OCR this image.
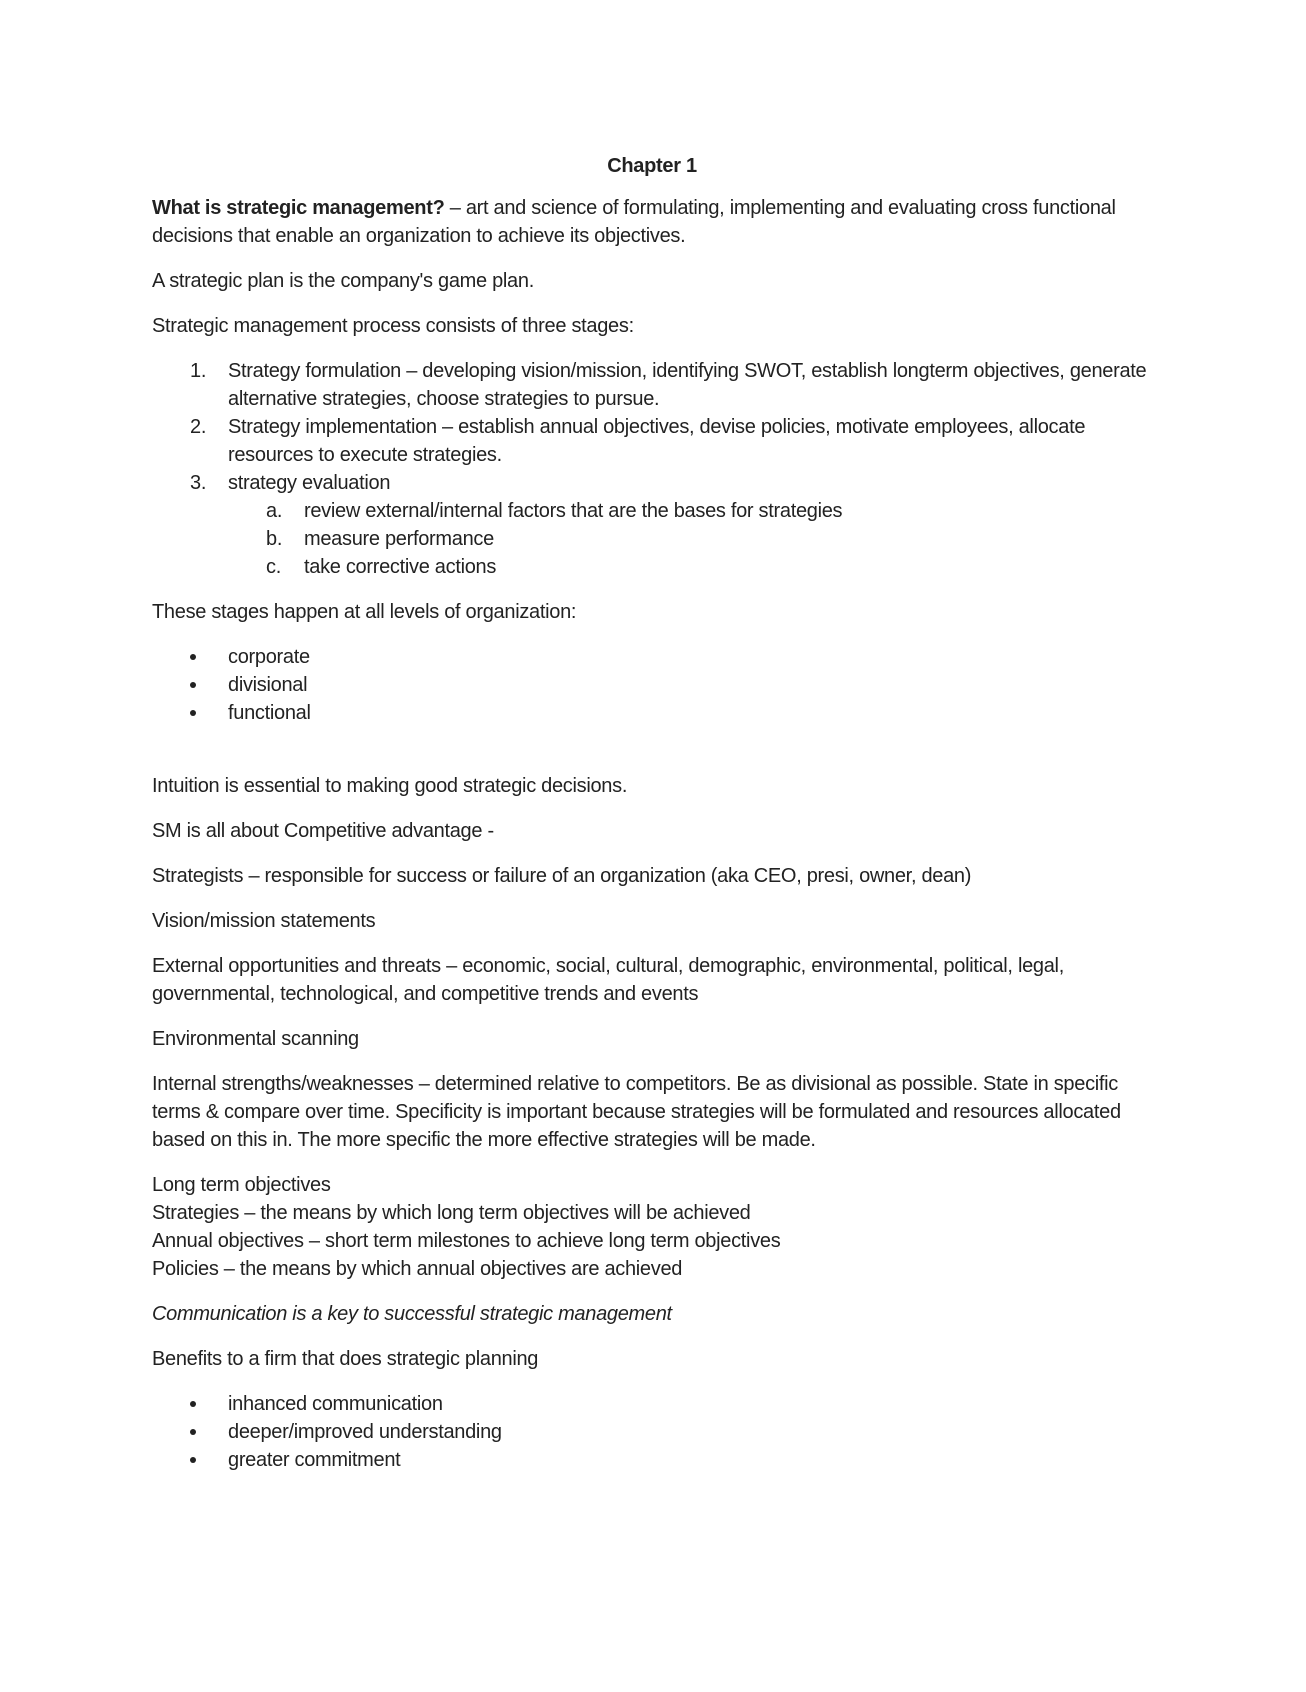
Chapter 1

What is strategic management? – art and science of formulating, implementing and evaluating cross functional decisions that enable an organization to achieve its objectives.

A strategic plan is the company's game plan.

Strategic management process consists of three stages:

1. Strategy formulation – developing vision/mission, identifying SWOT, establish longterm objectives, generate alternative strategies, choose strategies to pursue.
2. Strategy implementation – establish annual objectives, devise policies, motivate employees, allocate resources to execute strategies.
3. strategy evaluation
a. review external/internal factors that are the bases for strategies
b. measure performance
c. take corrective actions

These stages happen at all levels of organization:

corporate
divisional
functional

Intuition is essential to making good strategic decisions.

SM is all about Competitive advantage -

Strategists – responsible for success or failure of an organization (aka CEO, presi, owner, dean)

Vision/mission statements

External opportunities and threats – economic, social, cultural, demographic, environmental, political, legal, governmental, technological, and competitive trends and events

Environmental scanning

Internal strengths/weaknesses – determined relative to competitors. Be as divisional as possible. State in specific terms & compare over time. Specificity is important because strategies will be formulated and resources allocated based on this in. The more specific the more effective strategies will be made.

Long term objectives
Strategies – the means by which long term objectives will be achieved
Annual objectives – short term milestones to achieve long term objectives
Policies – the means by which annual objectives are achieved

Communication is a key to successful strategic management

Benefits to a firm that does strategic planning

inhanced communication
deeper/improved understanding
greater commitment
